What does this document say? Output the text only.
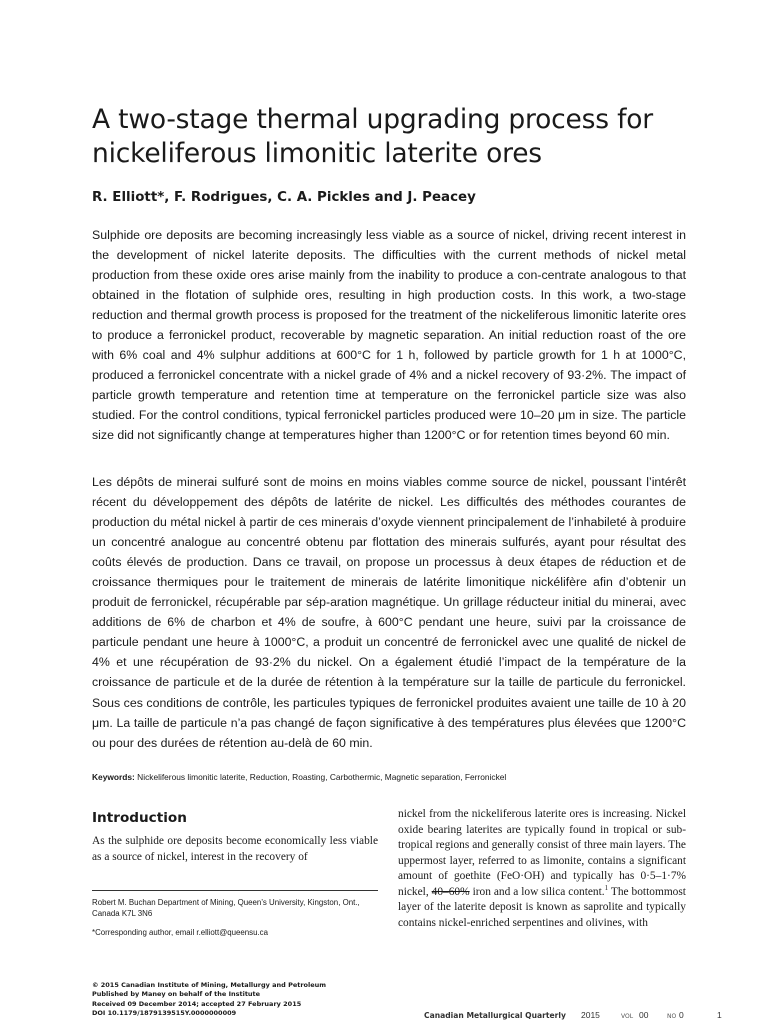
A two-stage thermal upgrading process for nickeliferous limonitic laterite ores

R. Elliott*, F. Rodrigues, C. A. Pickles and J. Peacey

Sulphide ore deposits are becoming increasingly less viable as a source of nickel, driving recent interest in the development of nickel laterite deposits. The difficulties with the current methods of nickel metal production from these oxide ores arise mainly from the inability to produce a con-centrate analogous to that obtained in the flotation of sulphide ores, resulting in high production costs. In this work, a two-stage reduction and thermal growth process is proposed for the treatment of the nickeliferous limonitic laterite ores to produce a ferronickel product, recoverable by magnetic separation. An initial reduction roast of the ore with 6% coal and 4% sulphur additions at 600°C for 1 h, followed by particle growth for 1 h at 1000°C, produced a ferronickel concentrate with a nickel grade of 4% and a nickel recovery of 93·2%. The impact of particle growth temperature and retention time at temperature on the ferronickel particle size was also studied. For the control conditions, typical ferronickel particles produced were 10–20 μm in size. The particle size did not significantly change at temperatures higher than 1200°C or for retention times beyond 60 min.

Les dépôts de minerai sulfuré sont de moins en moins viables comme source de nickel, poussant l’intérêt récent du développement des dépôts de latérite de nickel. Les difficultés des méthodes courantes de production du métal nickel à partir de ces minerais d’oxyde viennent principalement de l’inhabileté à produire un concentré analogue au concentré obtenu par flottation des minerais sulfurés, ayant pour résultat des coûts élevés de production. Dans ce travail, on propose un processus à deux étapes de réduction et de croissance thermiques pour le traitement de minerais de latérite limonitique nickélifère afin d’obtenir un produit de ferronickel, récupérable par sép-aration magnétique. Un grillage réducteur initial du minerai, avec additions de 6% de charbon et 4% de soufre, à 600°C pendant une heure, suivi par la croissance de particule pendant une heure à 1000°C, a produit un concentré de ferronickel avec une qualité de nickel de 4% et une récupération de 93·2% du nickel. On a également étudié l’impact de la température de la croissance de particule et de la durée de rétention à la température sur la taille de particule du ferronickel. Sous ces conditions de contrôle, les particules typiques de ferronickel produites avaient une taille de 10 à 20 μm. La taille de particule n’a pas changé de façon significative à des températures plus élevées que 1200°C ou pour des durées de rétention au-delà de 60 min.

Keywords: Nickeliferous limonitic laterite, Reduction, Roasting, Carbothermic, Magnetic separation, Ferronickel

Introduction

As the sulphide ore deposits become economically less viable as a source of nickel, interest in the recovery of

nickel from the nickeliferous laterite ores is increasing. Nickel oxide bearing laterites are typically found in tropical or sub-tropical regions and generally consist of three main layers. The uppermost layer, referred to as limonite, contains a significant amount of goethite (FeO·OH) and typically has 0·5–1·7% nickel, 40–60% iron and a low silica content.$^1$ The bottommost layer of the laterite deposit is known as saprolite and typically contains nickel-enriched serpentines and olivines, with

Robert M. Buchan Department of Mining, Queen’s University, Kingston, Ont., Canada K7L 3N6

*Corresponding author, email r.elliott@queensu.ca

© 2015 Canadian Institute of Mining, Metallurgy and Petroleum
Published by Maney on behalf of the Institute
Received 09 December 2014; accepted 27 February 2015
DOI 10.1179/1879139515Y.0000000009	Canadian Metallurgical Quarterly 2015	VOL 00	NO 0	1
